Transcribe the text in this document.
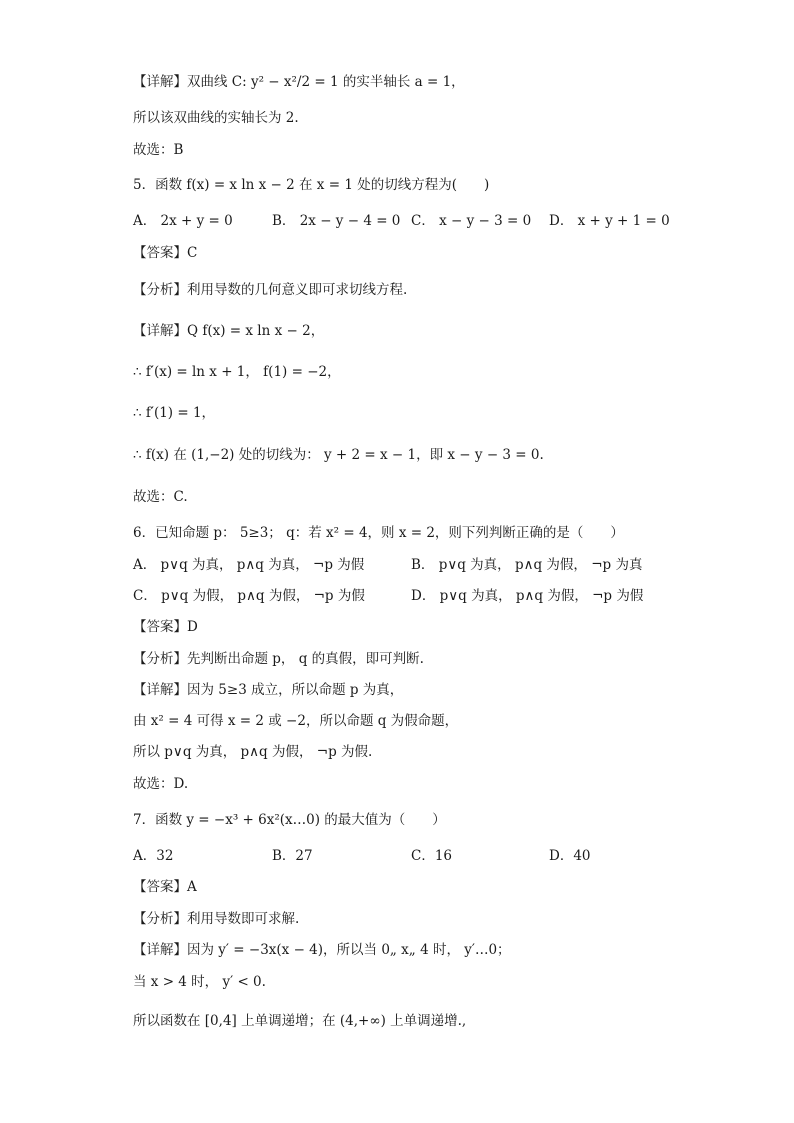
【详解】双曲线 C: y² − x²/2 = 1 的实半轴长 a = 1，
所以该双曲线的实轴长为 2.
故选：B
5．函数 f(x) = x ln x − 2 在 x = 1 处的切线方程为(　　)
A． 2x + y = 0	B． 2x − y − 4 = 0 C． x − y − 3 = 0 D． x + y + 1 = 0
【答案】C
【分析】利用导数的几何意义即可求切线方程.
【详解】Q f(x) = x ln x − 2，
∴ f′(x) = ln x + 1， f(1) = −2，
∴ f′(1) = 1，
∴ f(x) 在 (1,−2) 处的切线为： y + 2 = x − 1，即 x − y − 3 = 0.
故选：C.
6．已知命题 p： 5≥3； q：若 x² = 4，则 x = 2，则下列判断正确的是（　　）
A． p∨q 为真， p∧q 为真， ¬p 为假	B． p∨q 为真， p∧q 为假， ¬p 为真
C． p∨q 为假， p∧q 为假， ¬p 为假	D． p∨q 为真， p∧q 为假， ¬p 为假
【答案】D
【分析】先判断出命题 p， q 的真假，即可判断.
【详解】因为 5≥3 成立，所以命题 p 为真，
由 x² = 4 可得 x = 2 或 −2，所以命题 q 为假命题，
所以 p∨q 为真， p∧q 为假， ¬p 为假.
故选：D.
7．函数 y = −x³ + 6x²(x…0) 的最大值为（　　）
A．32	B．27	C．16	D．40
【答案】A
【分析】利用导数即可求解.
【详解】因为 y′ = −3x(x − 4)，所以当 0„ x„ 4 时， y′…0；
当 x > 4 时， y′ < 0.
所以函数在 [0,4] 上单调递增；在 (4,+∞) 上单调递增.,
